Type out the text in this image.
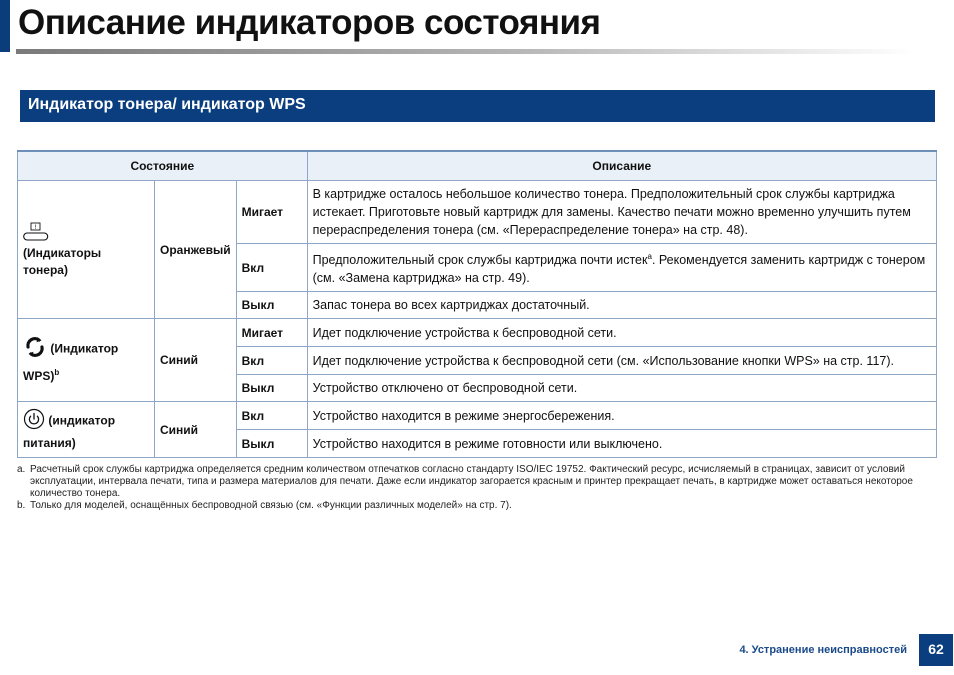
Описание индикаторов состояния
Индикатор тонера/ индикатор WPS
Состояние			Описание

!
(Индикаторы тонера)	Оранжевый	Мигает	В картридже осталось небольшое количество тонера. Предположительный срок службы картриджа истекает. Приготовьте новый картридж для замены. Качество печати можно временно улучшить путем перераспределения тонера (см. «Перераспределение тонера» на стр. 48).
		Вкл	Предположительный срок службы картриджа почти истек$^a$. Рекомендуется заменить картридж с тонером (см. «Замена картриджа» на стр. 49).
		Выкл	Запас тонера во всех картриджах достаточный.

(Индикатор WPS)$^b$	Синий	Мигает	Идет подключение устройства к беспроводной сети.
		Вкл	Идет подключение устройства к беспроводной сети (см. «Использование кнопки WPS» на стр. 117).
		Выкл	Устройство отключено от беспроводной сети.

(индикатор питания)	Синий	Вкл	Устройство находится в режиме энергосбережения.
		Выкл	Устройство находится в режиме готовности или выключено.
a. Расчетный срок службы картриджа определяется средним количеством отпечатков согласно стандарту ISO/IEC 19752. Фактический ресурс, исчисляемый в страницах, зависит от условий эксплуатации, интервала печати, типа и размера материалов для печати. Даже если индикатор загорается красным и принтер прекращает печать, в картридже может оставаться некоторое количество тонера.
b. Только для моделей, оснащённых беспроводной связью (см. «Функции различных моделей» на стр. 7).
4. Устранение неисправностей	62
